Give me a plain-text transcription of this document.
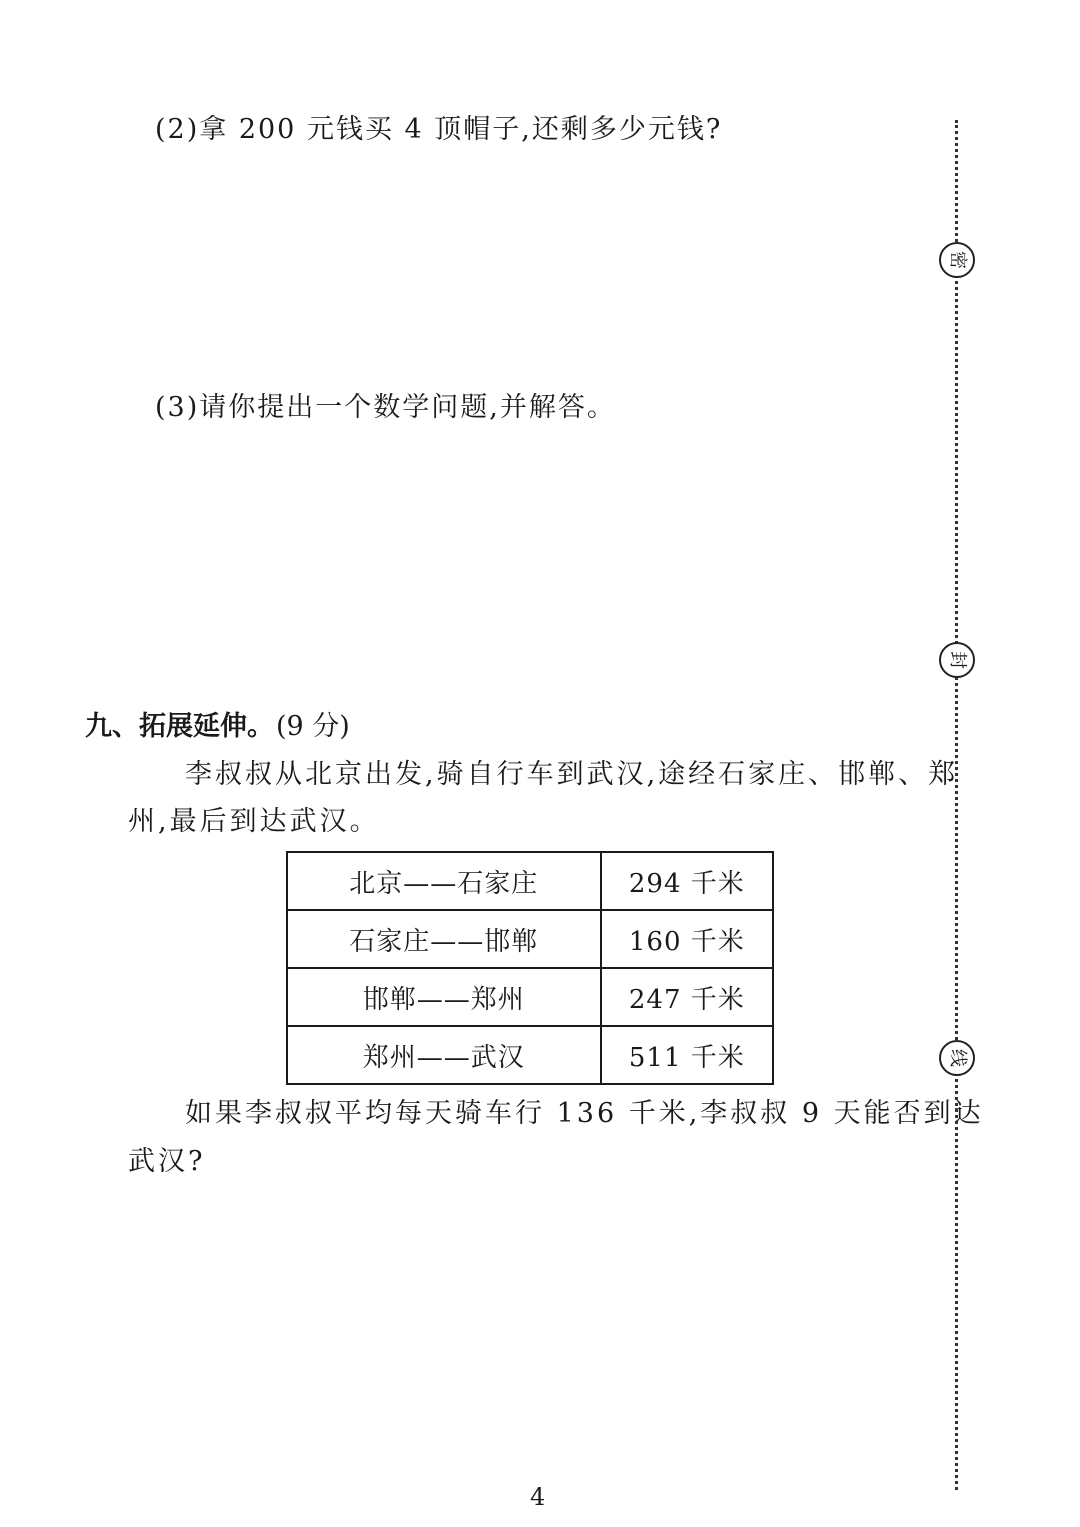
(2)拿 200 元钱买 4 顶帽子,还剩多少元钱?
(3)请你提出一个数学问题,并解答。
九、拓展延伸。(9 分)
李叔叔从北京出发,骑自行车到武汉,途经石家庄、邯郸、郑
州,最后到达武汉。
北京——石家庄	294 千米
石家庄——邯郸	160 千米
邯郸——郑州	247 千米
郑州——武汉	511 千米
如果李叔叔平均每天骑车行 136 千米,李叔叔 9 天能否到达
武汉?
密
封
线
4
